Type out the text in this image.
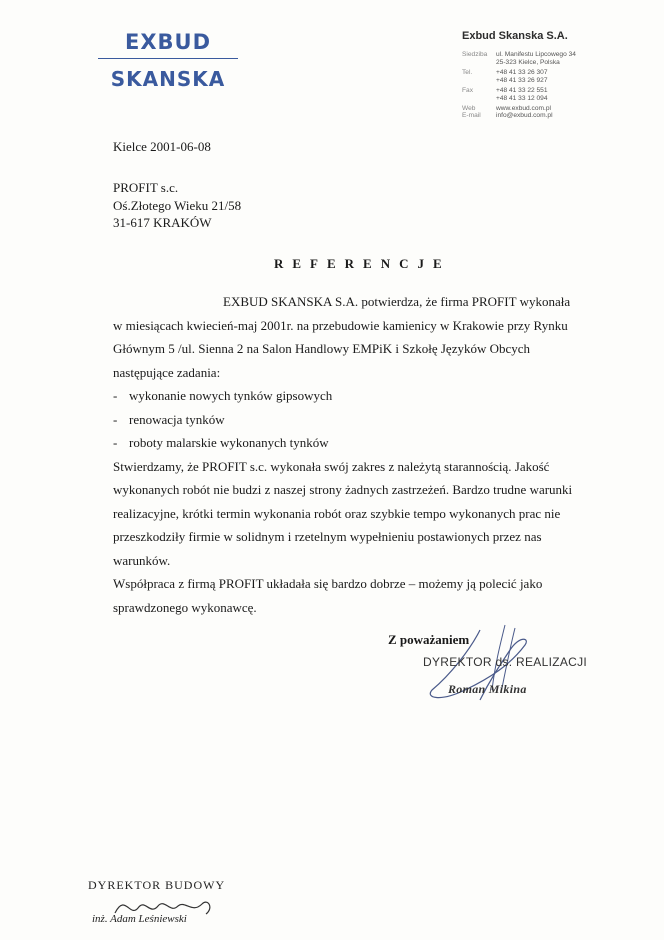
EXBUD
SKANSKA
Exbud Skanska S.A.
Siedziba	ul. Manifestu Lipcowego 34
25-323 Kielce, Polska
Tel.	+48 41 33 26 307
+48 41 33 26 927
Fax	+48 41 33 22 551
+48 41 33 12 094
Web	www.exbud.com.pl
E-mail	info@exbud.com.pl
Kielce 2001-06-08
PROFIT s.c.
Oś.Złotego Wieku 21/58
31-617 KRAKÓW
REFERENCJE
EXBUD SKANSKA S.A. potwierdza, że firma PROFIT wykonała
w miesiącach kwiecień-maj 2001r. na przebudowie kamienicy w Krakowie przy Rynku
Głównym 5 /ul. Sienna 2 na Salon Handlowy EMPiK i Szkołę Języków Obcych
następujące zadania:
- wykonanie nowych tynków gipsowych
- renowacja tynków
- roboty malarskie wykonanych tynków
Stwierdzamy, że PROFIT s.c. wykonała swój zakres z należytą starannością. Jakość
wykonanych robót nie budzi z naszej strony żadnych zastrzeżeń. Bardzo trudne warunki
realizacyjne, krótki termin wykonania robót oraz szybkie tempo wykonanych prac nie
przeszkodziły firmie w solidnym i rzetelnym wypełnieniu postawionych przez nas
warunków.
Współpraca z firmą PROFIT układała się bardzo dobrze – możemy ją polecić jako
sprawdzonego wykonawcę.
Z poważaniem
DYREKTOR ds. REALIZACJI
Roman Mikina
DYREKTOR BUDOWY
inż. Adam Leśniewski
